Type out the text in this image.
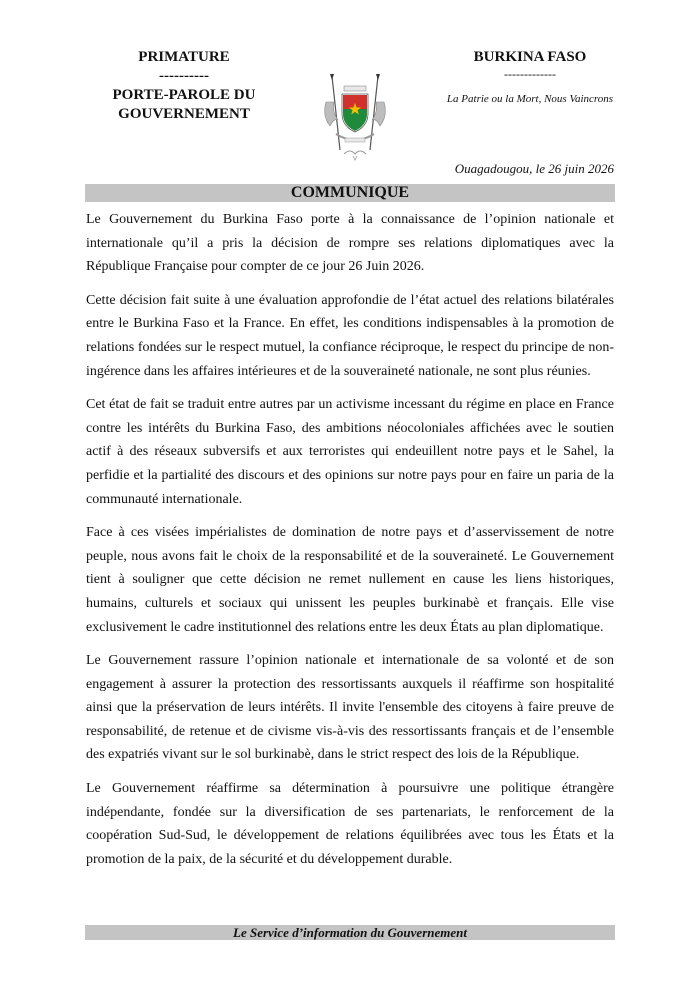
PRIMATURE
----------
PORTE-PAROLE DU
GOUVERNEMENT
BURKINA FASO
-------------
La Patrie ou la Mort, Nous Vaincrons
Ouagadougou, le 26 juin 2026
COMMUNIQUE

Le Gouvernement du Burkina Faso porte à la connaissance de l’opinion nationale et internationale qu’il a pris la décision de rompre ses relations diplomatiques avec la République Française pour compter de ce jour 26 Juin 2026.

Cette décision fait suite à une évaluation approfondie de l’état actuel des relations bilatérales entre le Burkina Faso et la France. En effet, les conditions indispensables à la promotion de relations fondées sur le respect mutuel, la confiance réciproque, le respect du principe de non-ingérence dans les affaires intérieures et de la souveraineté nationale, ne sont plus réunies.

Cet état de fait se traduit entre autres par un activisme incessant du régime en place en France contre les intérêts du Burkina Faso, des ambitions néocoloniales affichées avec le soutien actif à des réseaux subversifs et aux terroristes qui endeuillent notre pays et le Sahel, la perfidie et la partialité des discours et des opinions sur notre pays pour en faire un paria de la communauté internationale.

Face à ces visées impérialistes de domination de notre pays et d’asservissement de notre peuple, nous avons fait le choix de la responsabilité et de la souveraineté. Le Gouvernement tient à souligner que cette décision ne remet nullement en cause les liens historiques, humains, culturels et sociaux qui unissent les peuples burkinabè et français. Elle vise exclusivement le cadre institutionnel des relations entre les deux États au plan diplomatique.

Le Gouvernement rassure l’opinion nationale et internationale de sa volonté et de son engagement à assurer la protection des ressortissants auxquels il réaffirme son hospitalité ainsi que la préservation de leurs intérêts. Il invite l'ensemble des citoyens à faire preuve de responsabilité, de retenue et de civisme vis-à-vis des ressortissants français et de l’ensemble des expatriés vivant sur le sol burkinabè, dans le strict respect des lois de la République.

Le Gouvernement réaffirme sa détermination à poursuivre une politique étrangère indépendante, fondée sur la diversification de ses partenariats, le renforcement de la coopération Sud-Sud, le développement de relations équilibrées avec tous les États et la promotion de la paix, de la sécurité et du développement durable.

Le Service d’information du Gouvernement
